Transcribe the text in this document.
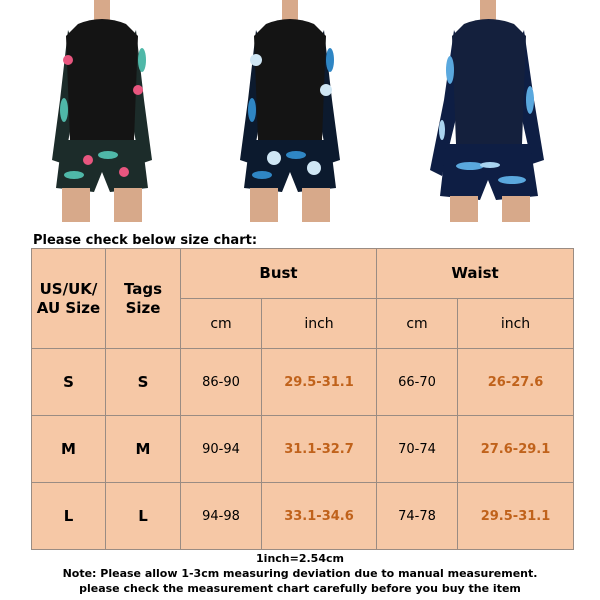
Please check below size chart:
US/UK/
AU Size	Tags
Size	Bust		Waist	
		cm	inch	cm	inch
S	S	86-90	29.5-31.1	66-70	26-27.6
M	M	90-94	31.1-32.7	70-74	27.6-29.1
L	L	94-98	33.1-34.6	74-78	29.5-31.1
1inch=2.54cm
Note: Please allow 1-3cm measuring deviation due to manual measurement.
please check the measurement chart carefully before you buy the item
